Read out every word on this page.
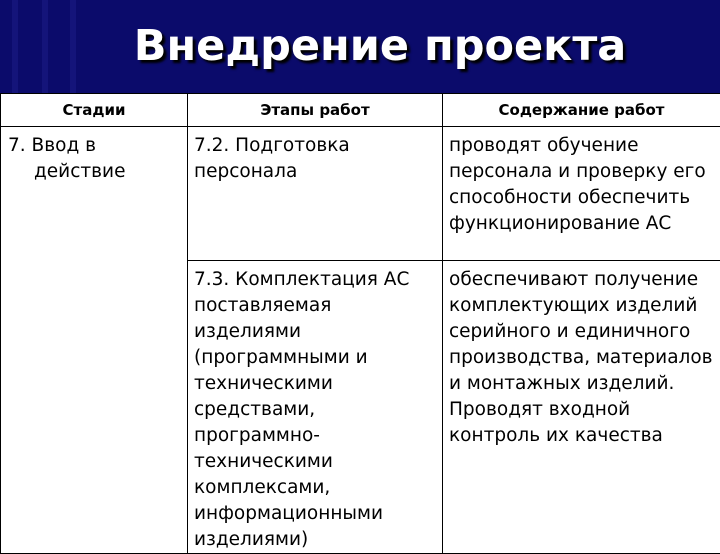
Внедрение проекта
Стадии	Этапы работ	Содержание работ

7. Ввод в действие	7.2. Подготовка персонала	проводят обучение персонала и проверку его способности обеспечить функционирование АС

	7.3. Комплектация АС поставляемая изделиями (программными и техническими средствами, программно-техничeскими комплексами, информационными изделиями)	обеспечивают получение комплектующих изделий серийного и единичного производства, материалов и монтажных изделий. Проводят входной контроль их качества
